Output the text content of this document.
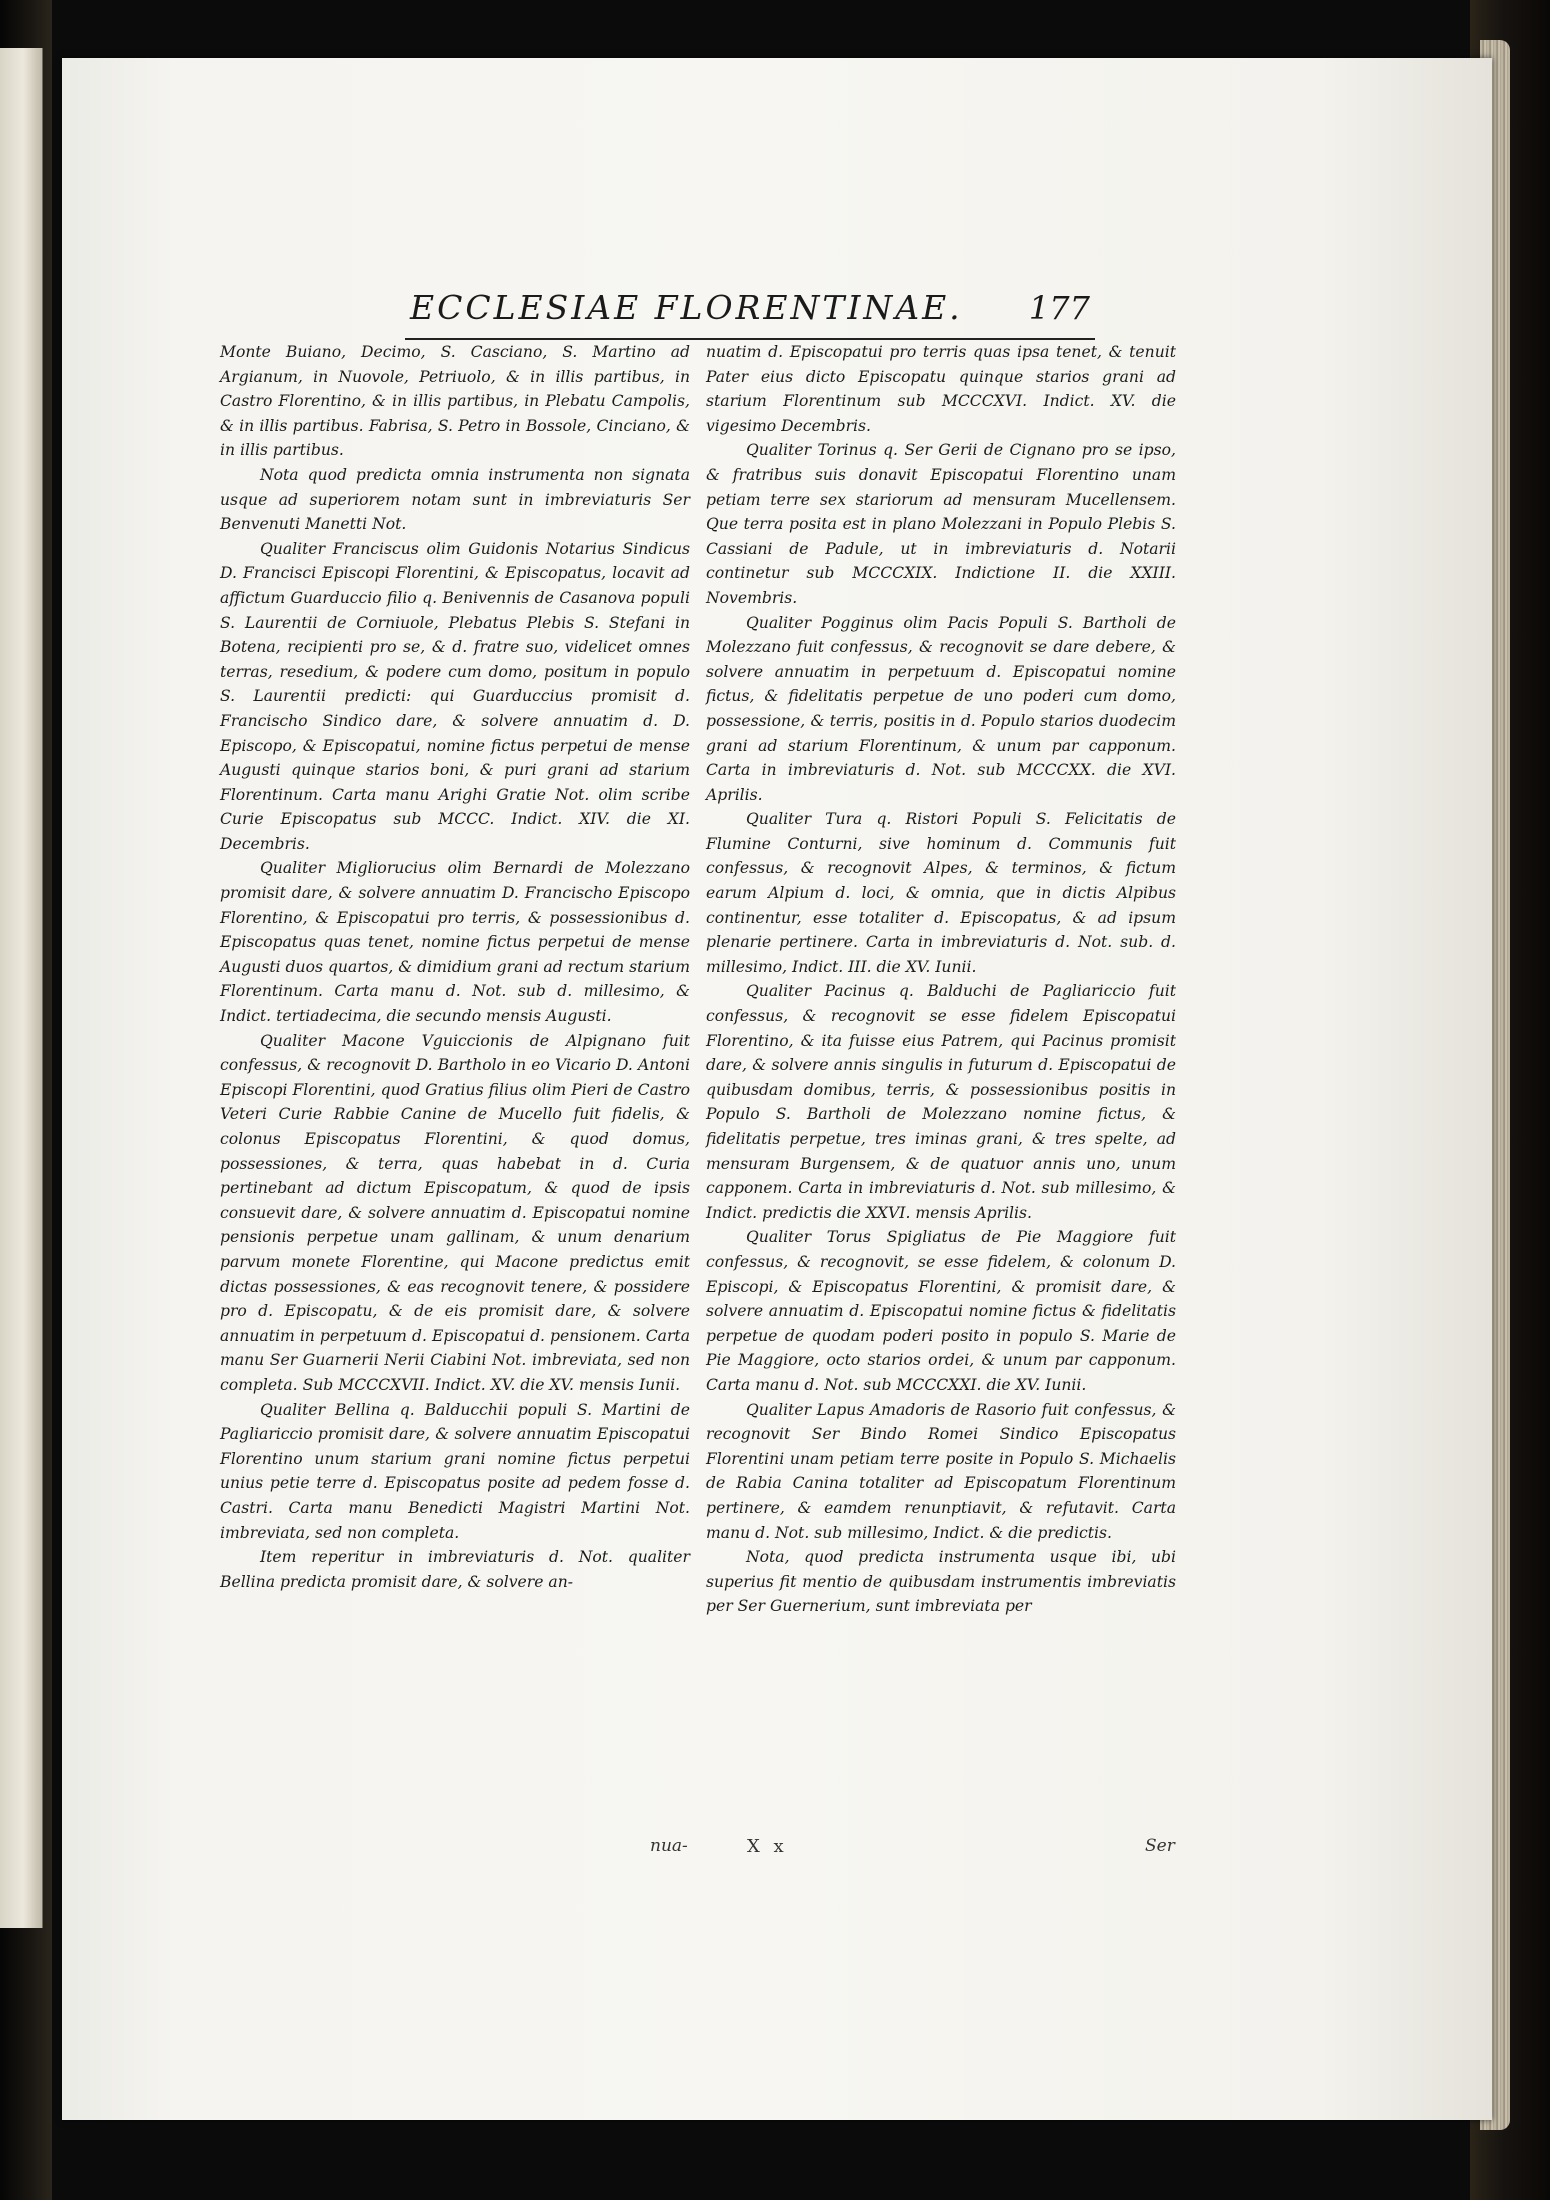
ECCLESIAE FLORENTINAE. 177

Monte Buiano, Decimo, S. Casciano, S. Martino ad Argianum, in Nuovole, Petriuolo, & in illis partibus, in Castro Florentino, & in illis partibus, in Plebatu Campolis, & in illis partibus. Fabrisa, S. Petro in Bossole, Cinciano, & in illis partibus.

Nota quod predicta omnia instrumenta non signata usque ad superiorem notam sunt in imbreviaturis Ser Benvenuti Manetti Not.

Qualiter Franciscus olim Guidonis Notarius Sindicus D. Francisci Episcopi Florentini, & Episcopatus, locavit ad affictum Guarduccio filio q. Benivennis de Casanova populi S. Laurentii de Corniuole, Plebatus Plebis S. Stefani in Botena, recipienti pro se, & d. fratre suo, videlicet omnes terras, resedium, & podere cum domo, positum in populo S. Laurentii predicti: qui Guarduccius promisit d. Francischo Sindico dare, & solvere annuatim d. D. Episcopo, & Episcopatui, nomine fictus perpetui de mense Augusti quinque starios boni, & puri grani ad starium Florentinum. Carta manu Arighi Gratie Not. olim scribe Curie Episcopatus sub MCCC. Indict. XIV. die XI. Decembris.

Qualiter Migliorucius olim Bernardi de Molezzano promisit dare, & solvere annuatim D. Francischo Episcopo Florentino, & Episcopatui pro terris, & possessionibus d. Episcopatus quas tenet, nomine fictus perpetui de mense Augusti duos quartos, & dimidium grani ad rectum starium Florentinum. Carta manu d. Not. sub d. millesimo, & Indict. tertiadecima, die secundo mensis Augusti.

Qualiter Macone Vguiccionis de Alpignano fuit confessus, & recognovit D. Bartholo in eo Vicario D. Antoni Episcopi Florentini, quod Gratius filius olim Pieri de Castro Veteri Curie Rabbie Canine de Mucello fuit fidelis, & colonus Episcopatus Florentini, & quod domus, possessiones, & terra, quas habebat in d. Curia pertinebant ad dictum Episcopatum, & quod de ipsis consuevit dare, & solvere annuatim d. Episcopatui nomine pensionis perpetue unam gallinam, & unum denarium parvum monete Florentine, qui Macone predictus emit dictas possessiones, & eas recognovit tenere, & possidere pro d. Episcopatu, & de eis promisit dare, & solvere annuatim in perpetuum d. Episcopatui d. pensionem. Carta manu Ser Guarnerii Nerii Ciabini Not. imbreviata, sed non completa. Sub MCCCXVII. Indict. XV. die XV. mensis Iunii.

Qualiter Bellina q. Balducchii populi S. Martini de Pagliariccio promisit dare, & solvere annuatim Episcopatui Florentino unum starium grani nomine fictus perpetui unius petie terre d. Episcopatus posite ad pedem fosse d. Castri. Carta manu Benedicti Magistri Martini Not. imbreviata, sed non completa.

Item reperitur in imbreviaturis d. Not. qualiter Bellina predicta promisit dare, & solvere an-

nuatim d. Episcopatui pro terris quas ipsa tenet, & tenuit Pater eius dicto Episcopatu quinque starios grani ad starium Florentinum sub MCCCXVI. Indict. XV. die vigesimo Decembris.

Qualiter Torinus q. Ser Gerii de Cignano pro se ipso, & fratribus suis donavit Episcopatui Florentino unam petiam terre sex stariorum ad mensuram Mucellensem. Que terra posita est in plano Molezzani in Populo Plebis S. Cassiani de Padule, ut in imbreviaturis d. Notarii continetur sub MCCCXIX. Indictione II. die XXIII. Novembris.

Qualiter Pogginus olim Pacis Populi S. Bartholi de Molezzano fuit confessus, & recognovit se dare debere, & solvere annuatim in perpetuum d. Episcopatui nomine fictus, & fidelitatis perpetue de uno poderi cum domo, possessione, & terris, positis in d. Populo starios duodecim grani ad starium Florentinum, & unum par capponum. Carta in imbreviaturis d. Not. sub MCCCXX. die XVI. Aprilis.

Qualiter Tura q. Ristori Populi S. Felicitatis de Flumine Conturni, sive hominum d. Communis fuit confessus, & recognovit Alpes, & terminos, & fictum earum Alpium d. loci, & omnia, que in dictis Alpibus continentur, esse totaliter d. Episcopatus, & ad ipsum plenarie pertinere. Carta in imbreviaturis d. Not. sub. d. millesimo, Indict. III. die XV. Iunii.

Qualiter Pacinus q. Balduchi de Pagliariccio fuit confessus, & recognovit se esse fidelem Episcopatui Florentino, & ita fuisse eius Patrem, qui Pacinus promisit dare, & solvere annis singulis in futurum d. Episcopatui de quibusdam domibus, terris, & possessionibus positis in Populo S. Bartholi de Molezzano nomine fictus, & fidelitatis perpetue, tres iminas grani, & tres spelte, ad mensuram Burgensem, & de quatuor annis uno, unum capponem. Carta in imbreviaturis d. Not. sub millesimo, & Indict. predictis die XXVI. mensis Aprilis.

Qualiter Torus Spigliatus de Pie Maggiore fuit confessus, & recognovit, se esse fidelem, & colonum D. Episcopi, & Episcopatus Florentini, & promisit dare, & solvere annuatim d. Episcopatui nomine fictus & fidelitatis perpetue de quodam poderi posito in populo S. Marie de Pie Maggiore, octo starios ordei, & unum par capponum. Carta manu d. Not. sub MCCCXXI. die XV. Iunii.

Qualiter Lapus Amadoris de Rasorio fuit confessus, & recognovit Ser Bindo Romei Sindico Episcopatus Florentini unam petiam terre posite in Populo S. Michaelis de Rabia Canina totaliter ad Episcopatum Florentinum pertinere, & eamdem renunptiavit, & refutavit. Carta manu d. Not. sub millesimo, Indict. & die predictis.

Nota, quod predicta instrumenta usque ibi, ubi superius fit mentio de quibusdam instrumentis imbreviatis per Ser Guernerium, sunt imbreviata per

nua-	X x	Ser
